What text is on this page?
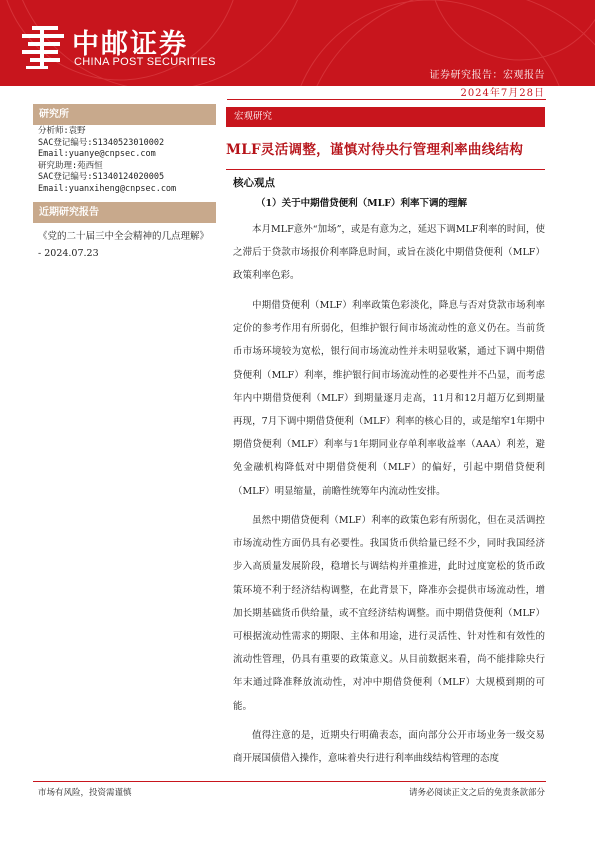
中邮证券
CHINA POST SECURITIES
证券研究报告：宏观报告
2024年7月28日
研究所
分析师:袁野
SAC登记编号:S1340523010002
Email:yuanye@cnpsec.com
研究助理:苑西恒
SAC登记编号:S1340124020005
Email:yuanxiheng@cnpsec.com
近期研究报告
《党的二十届三中全会精神的几点理解》 - 2024.07.23
宏观研究
MLF灵活调整，谨慎对待央行管理利率曲线结构
核心观点
（1）关于中期借贷便利（MLF）利率下调的理解

本月MLF意外“加场”，或是有意为之，延迟下调MLF利率的时间，使之滞后于贷款市场报价利率降息时间，或旨在淡化中期借贷便利（MLF）政策利率色彩。

中期借贷便利（MLF）利率政策色彩淡化，降息与否对贷款市场利率定价的参考作用有所弱化，但维护银行间市场流动性的意义仍在。当前货币市场环境较为宽松，银行间市场流动性并未明显收紧，通过下调中期借贷便利（MLF）利率，维护银行间市场流动性的必要性并不凸显，而考虑年内中期借贷便利（MLF）到期量逐月走高，11月和12月超万亿到期量再现，7月下调中期借贷便利（MLF）利率的核心目的，或是缩窄1年期中期借贷便利（MLF）利率与1年期同业存单利率收益率（AAA）利差，避免金融机构降低对中期借贷便利（MLF）的偏好，引起中期借贷便利（MLF）明显缩量，前瞻性统筹年内流动性安排。

虽然中期借贷便利（MLF）利率的政策色彩有所弱化，但在灵活调控市场流动性方面仍具有必要性。我国货币供给量已经不少，同时我国经济步入高质量发展阶段，稳增长与调结构并重推进，此时过度宽松的货币政策环境不利于经济结构调整，在此背景下，降准亦会提供市场流动性，增加长期基础货币供给量，或不宜经济结构调整。而中期借贷便利（MLF）可根据流动性需求的期限、主体和用途，进行灵活性、针对性和有效性的流动性管理，仍具有重要的政策意义。从目前数据来看，尚不能排除央行年末通过降准释放流动性，对冲中期借贷便利（MLF）大规模到期的可能。

值得注意的是，近期央行明确表态，面向部分公开市场业务一级交易商开展国债借入操作，意味着央行进行利率曲线结构管理的态度

市场有风险，投资需谨慎	请务必阅读正文之后的免责条款部分
